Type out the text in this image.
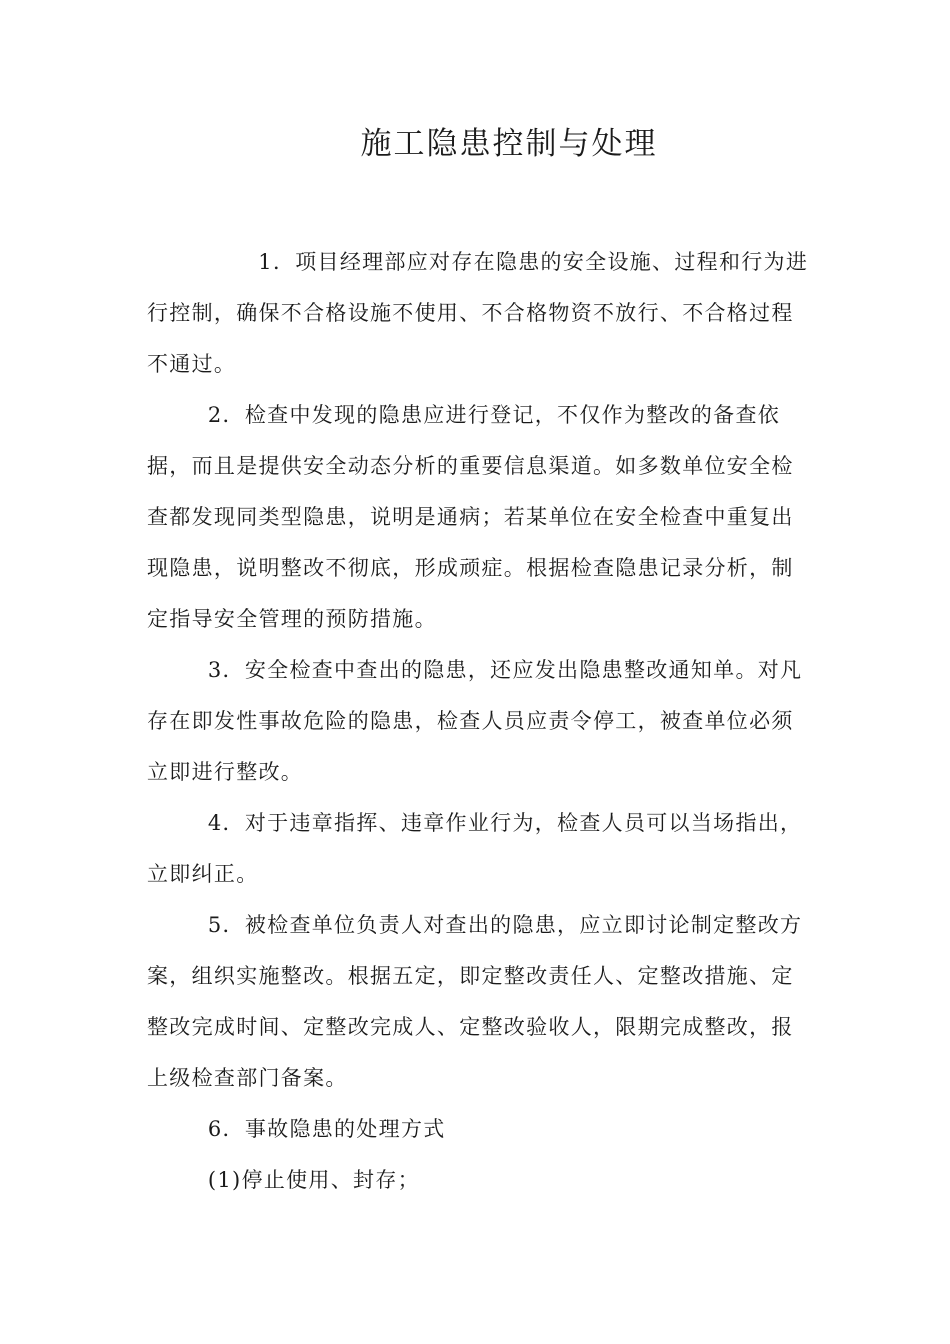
施工隐患控制与处理

1．项目经理部应对存在隐患的安全设施、过程和行为进行控制，确保不合格设施不使用、不合格物资不放行、不合格过程不通过。

2．检查中发现的隐患应进行登记，不仅作为整改的备查依据，而且是提供安全动态分析的重要信息渠道。如多数单位安全检查都发现同类型隐患，说明是通病；若某单位在安全检查中重复出现隐患，说明整改不彻底，形成顽症。根据检查隐患记录分析，制定指导安全管理的预防措施。

3．安全检查中查出的隐患，还应发出隐患整改通知单。对凡存在即发性事故危险的隐患，检查人员应责令停工，被查单位必须立即进行整改。

4．对于违章指挥、违章作业行为，检查人员可以当场指出，立即纠正。

5．被检查单位负责人对查出的隐患，应立即讨论制定整改方案，组织实施整改。根据五定，即定整改责任人、定整改措施、定整改完成时间、定整改完成人、定整改验收人，限期完成整改，报上级检查部门备案。

6．事故隐患的处理方式

(1)停止使用、封存；
